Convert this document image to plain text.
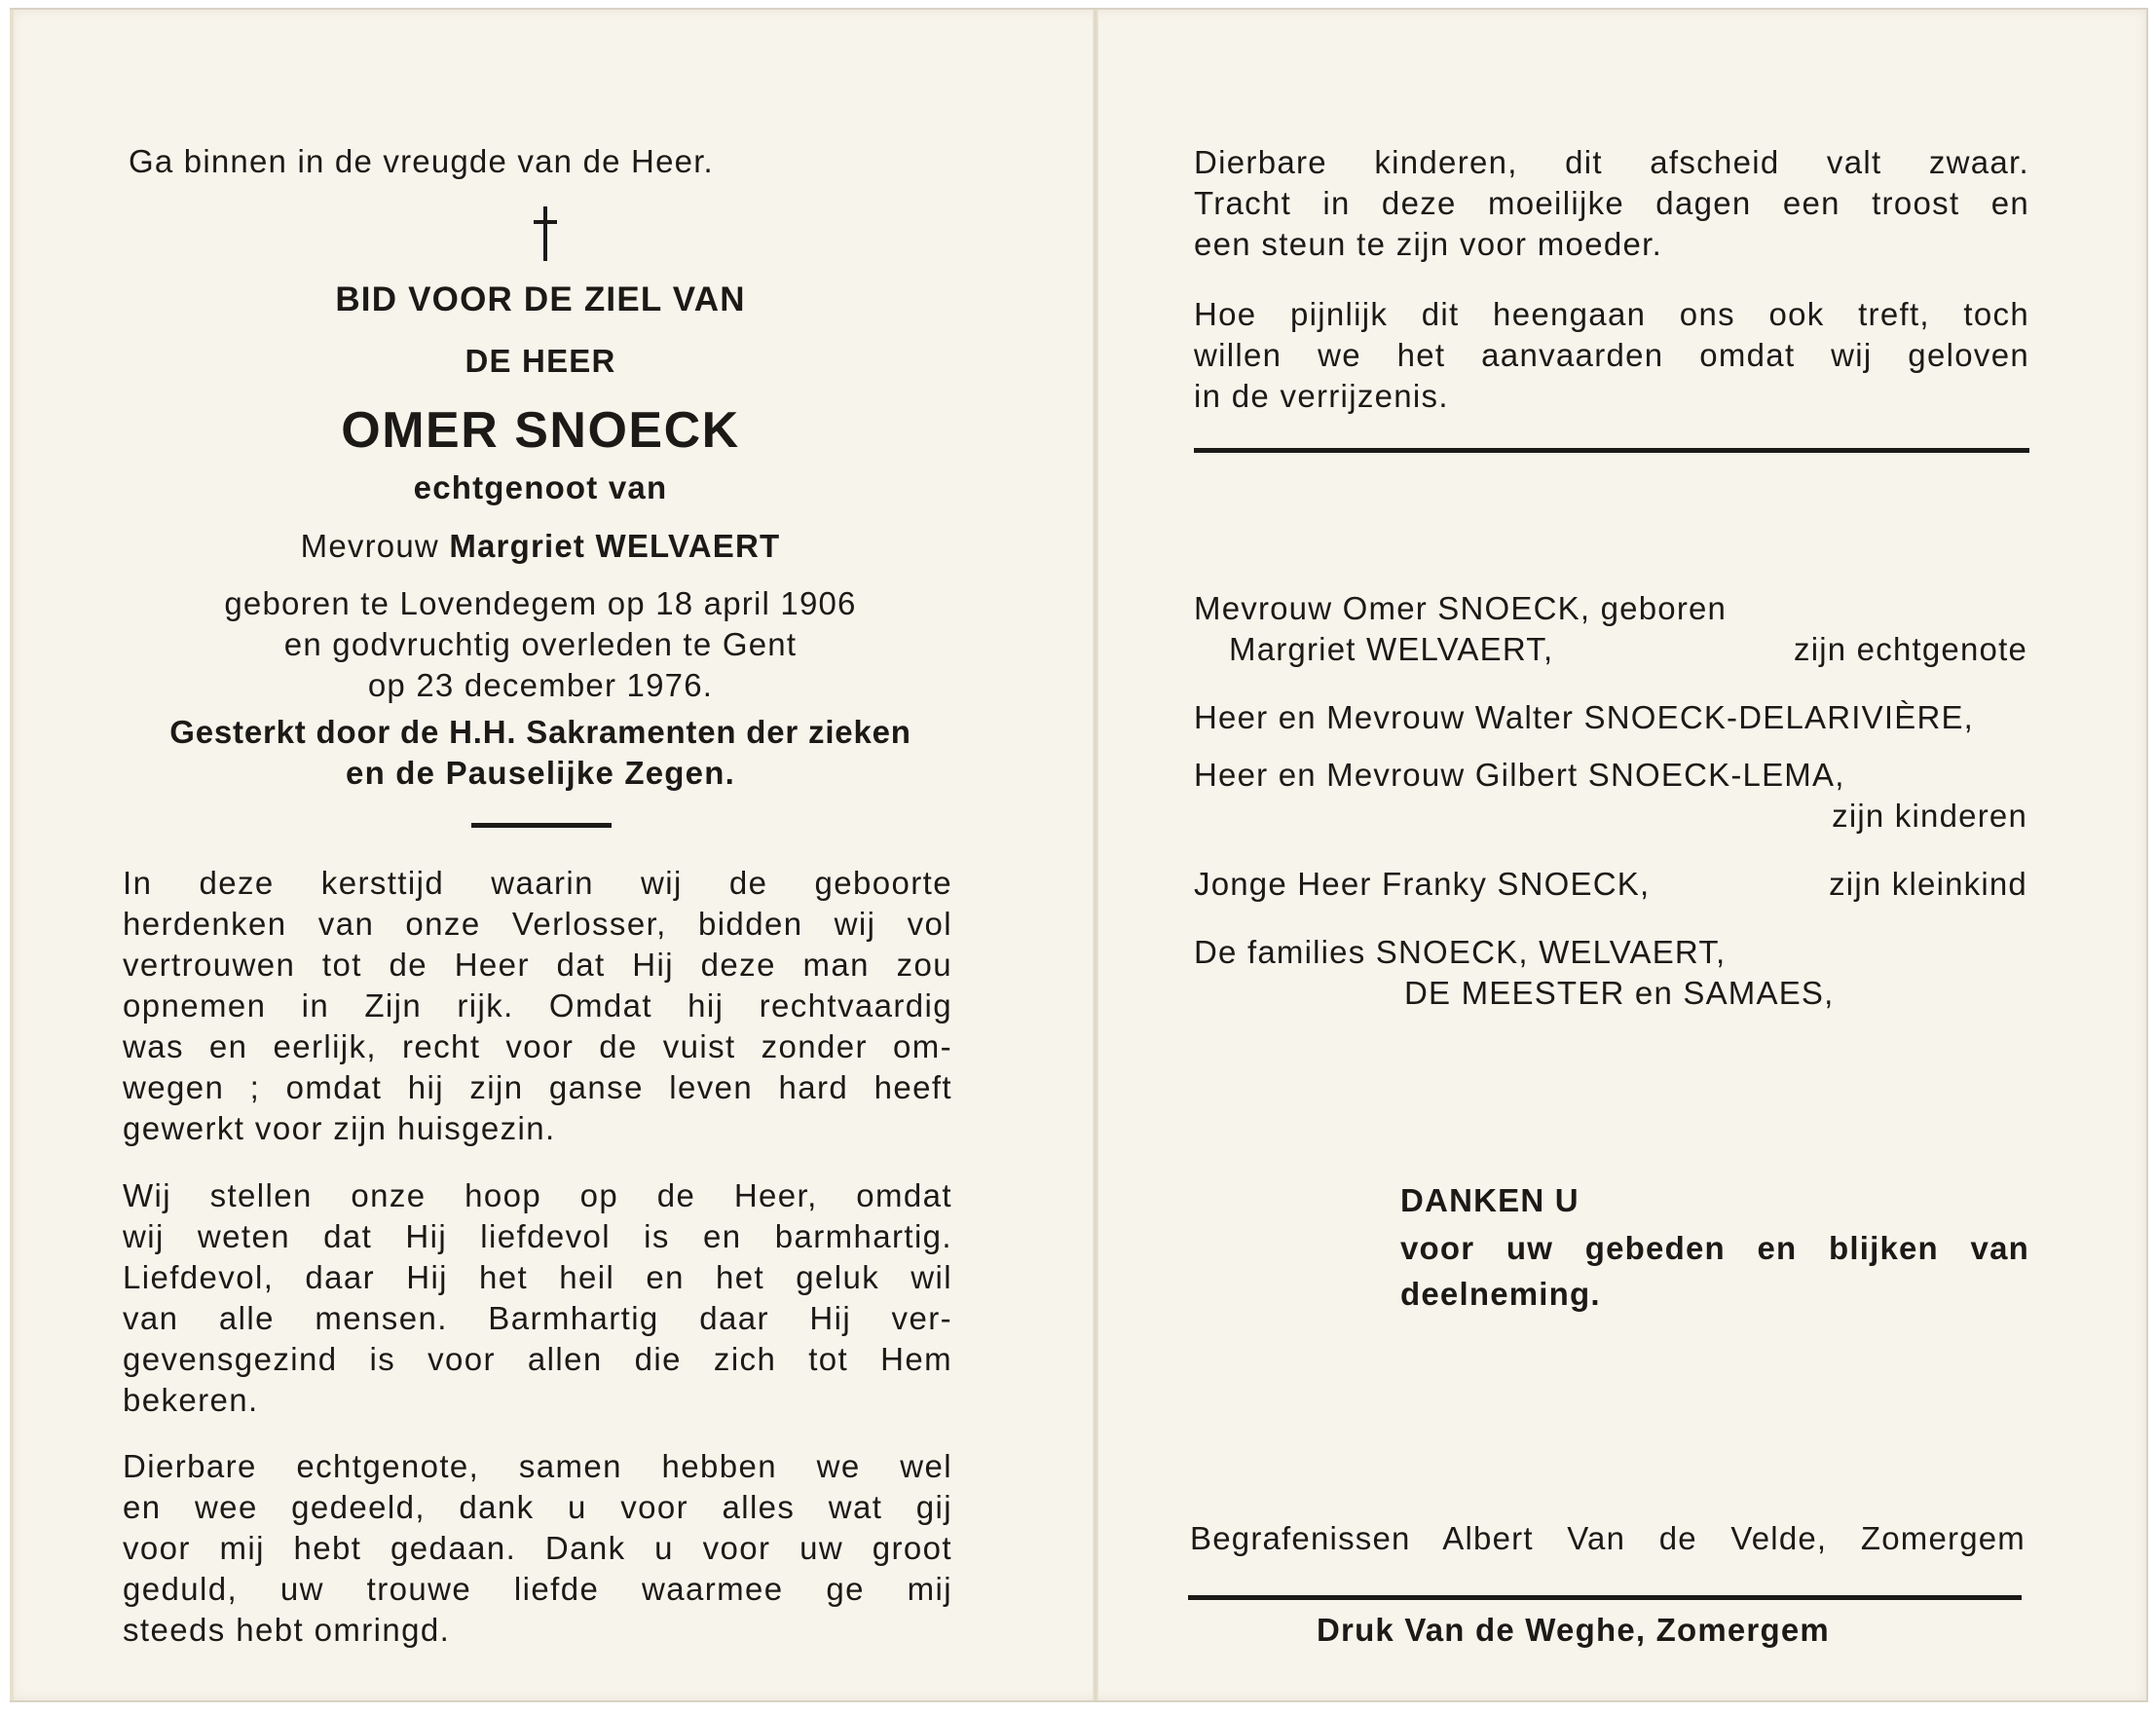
Ga binnen in de vreugde van de Heer.
BID VOOR DE ZIEL VAN
DE HEER
OMER SNOECK
echtgenoot van
Mevrouw Margriet WELVAERT
geboren te Lovendegem op 18 april 1906
en godvruchtig overleden te Gent
op 23 december 1976.
Gesterkt door de H.H. Sakramenten der zieken
en de Pauselijke Zegen.
In deze kersttijd waarin wij de geboorte
herdenken van onze Verlosser, bidden wij vol
vertrouwen tot de Heer dat Hij deze man zou
opnemen in Zijn rijk. Omdat hij rechtvaardig
was en eerlijk, recht voor de vuist zonder om-
wegen ; omdat hij zijn ganse leven hard heeft
gewerkt voor zijn huisgezin.
Wij stellen onze hoop op de Heer, omdat
wij weten dat Hij liefdevol is en barmhartig.
Liefdevol, daar Hij het heil en het geluk wil
van alle mensen. Barmhartig daar Hij ver-
gevensgezind is voor allen die zich tot Hem
bekeren.
Dierbare echtgenote, samen hebben we wel
en wee gedeeld, dank u voor alles wat gij
voor mij hebt gedaan. Dank u voor uw groot
geduld, uw trouwe liefde waarmee ge mij
steeds hebt omringd.
Dierbare kinderen, dit afscheid valt zwaar.
Tracht in deze moeilijke dagen een troost en
een steun te zijn voor moeder.
Hoe pijnlijk dit heengaan ons ook treft, toch
willen we het aanvaarden omdat wij geloven
in de verrijzenis.
Mevrouw Omer SNOECK, geboren
Margriet WELVAERT,	zijn echtgenote
Heer en Mevrouw Walter SNOECK-DELARIVIÈRE,
Heer en Mevrouw Gilbert SNOECK-LEMA,
zijn kinderen
Jonge Heer Franky SNOECK,	zijn kleinkind
De families SNOECK, WELVAERT,
DE MEESTER en SAMAES,
DANKEN U
voor uw gebeden en blijken van
deelneming.
Begrafenissen Albert Van de Velde, Zomergem
Druk Van de Weghe, Zomergem
